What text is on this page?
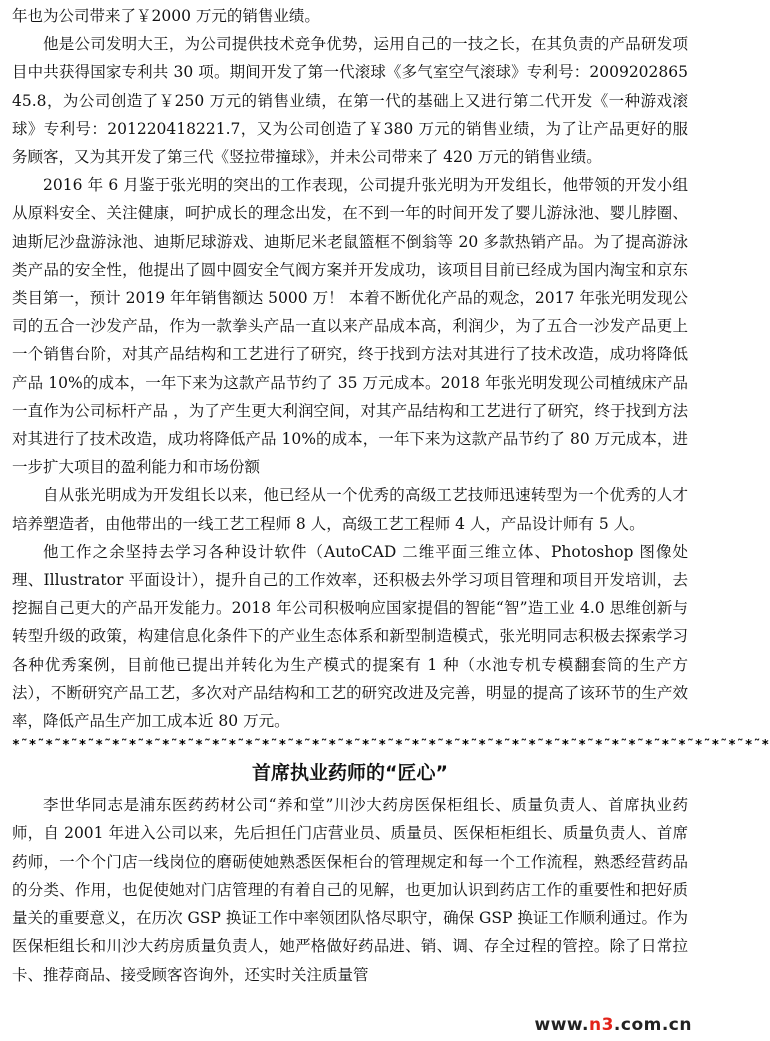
年也为公司带来了￥2000 万元的销售业绩。

他是公司发明大王，为公司提供技术竞争优势，运用自己的一技之长，在其负责的产品研发项目中共获得国家专利共 30 项。期间开发了第一代滚球《多气室空气滚球》专利号：200920286545.8，为公司创造了￥250 万元的销售业绩，在第一代的基础上又进行第二代开发《一种游戏滚球》专利号：201220418221.7，又为公司创造了￥380 万元的销售业绩，为了让产品更好的服务顾客，又为其开发了第三代《竖拉带撞球》，并未公司带来了 420 万元的销售业绩。

2016 年 6 月鉴于张光明的突出的工作表现，公司提升张光明为开发组长，他带领的开发小组从原料安全、关注健康，呵护成长的理念出发，在不到一年的时间开发了婴儿游泳池、婴儿脖圈、迪斯尼沙盘游泳池、迪斯尼球游戏、迪斯尼米老鼠篮框不倒翁等 20 多款热销产品。为了提高游泳类产品的安全性，他提出了圆中圆安全气阀方案并开发成功，该项目目前已经成为国内淘宝和京东类目第一，预计 2019 年年销售额达 5000 万！ 本着不断优化产品的观念，2017 年张光明发现公司的五合一沙发产品，作为一款拳头产品一直以来产品成本高，利润少，为了五合一沙发产品更上一个销售台阶，对其产品结构和工艺进行了研究，终于找到方法对其进行了技术改造，成功将降低产品 10%的成本，一年下来为这款产品节约了 35 万元成本。2018 年张光明发现公司植绒床产品一直作为公司标杆产品 ，为了产生更大利润空间，对其产品结构和工艺进行了研究，终于找到方法对其进行了技术改造，成功将降低产品 10%的成本，一年下来为这款产品节约了 80 万元成本，进一步扩大项目的盈利能力和市场份额

自从张光明成为开发组长以来，他已经从一个优秀的高级工艺技师迅速转型为一个优秀的人才培养塑造者，由他带出的一线工艺工程师 8 人，高级工艺工程师 4 人，产品设计师有 5 人。

他工作之余坚持去学习各种设计软件（AutoCAD 二维平面三维立体、Photoshop 图像处理、Illustrator 平面设计），提升自己的工作效率，还积极去外学习项目管理和项目开发培训，去挖掘自己更大的产品开发能力。2018 年公司积极响应国家提倡的智能“智”造工业 4.0 思维创新与转型升级的政策，构建信息化条件下的产业生态体系和新型制造模式，张光明同志积极去探索学习各种优秀案例，目前他已提出并转化为生产模式的提案有 1 种（水池专机专模翻套筒的生产方法），不断研究产品工艺，多次对产品结构和工艺的研究改进及完善，明显的提高了该环节的生产效率，降低产品生产加工成本近 80 万元。

*˜*˜*˜*˜*˜*˜*˜*˜*˜*˜*˜*˜*˜*˜*˜*˜*˜*˜*˜*˜*˜*˜*˜*˜*˜*˜*˜*˜*˜*˜*˜*˜*˜*˜*˜*˜*˜*˜*˜*˜*˜*˜*˜*˜*˜*
首席执业药师的“匠心”

李世华同志是浦东医药药材公司“养和堂”川沙大药房医保柜组长、质量负责人、首席执业药师，自 2001 年进入公司以来，先后担任门店营业员、质量员、医保柜柜组长、质量负责人、首席药师，一个个门店一线岗位的磨砺使她熟悉医保柜台的管理规定和每一个工作流程，熟悉经营药品的分类、作用，也促使她对门店管理的有着自己的见解，也更加认识到药店工作的重要性和把好质量关的重要意义，在历次 GSP 换证工作中率领团队恪尽职守，确保 GSP 换证工作顺利通过。作为医保柜组长和川沙大药房质量负责人，她严格做好药品进、销、调、存全过程的管控。除了日常拉卡、推荐商品、接受顾客咨询外，还实时关注质量管

www.n3.com.cn
